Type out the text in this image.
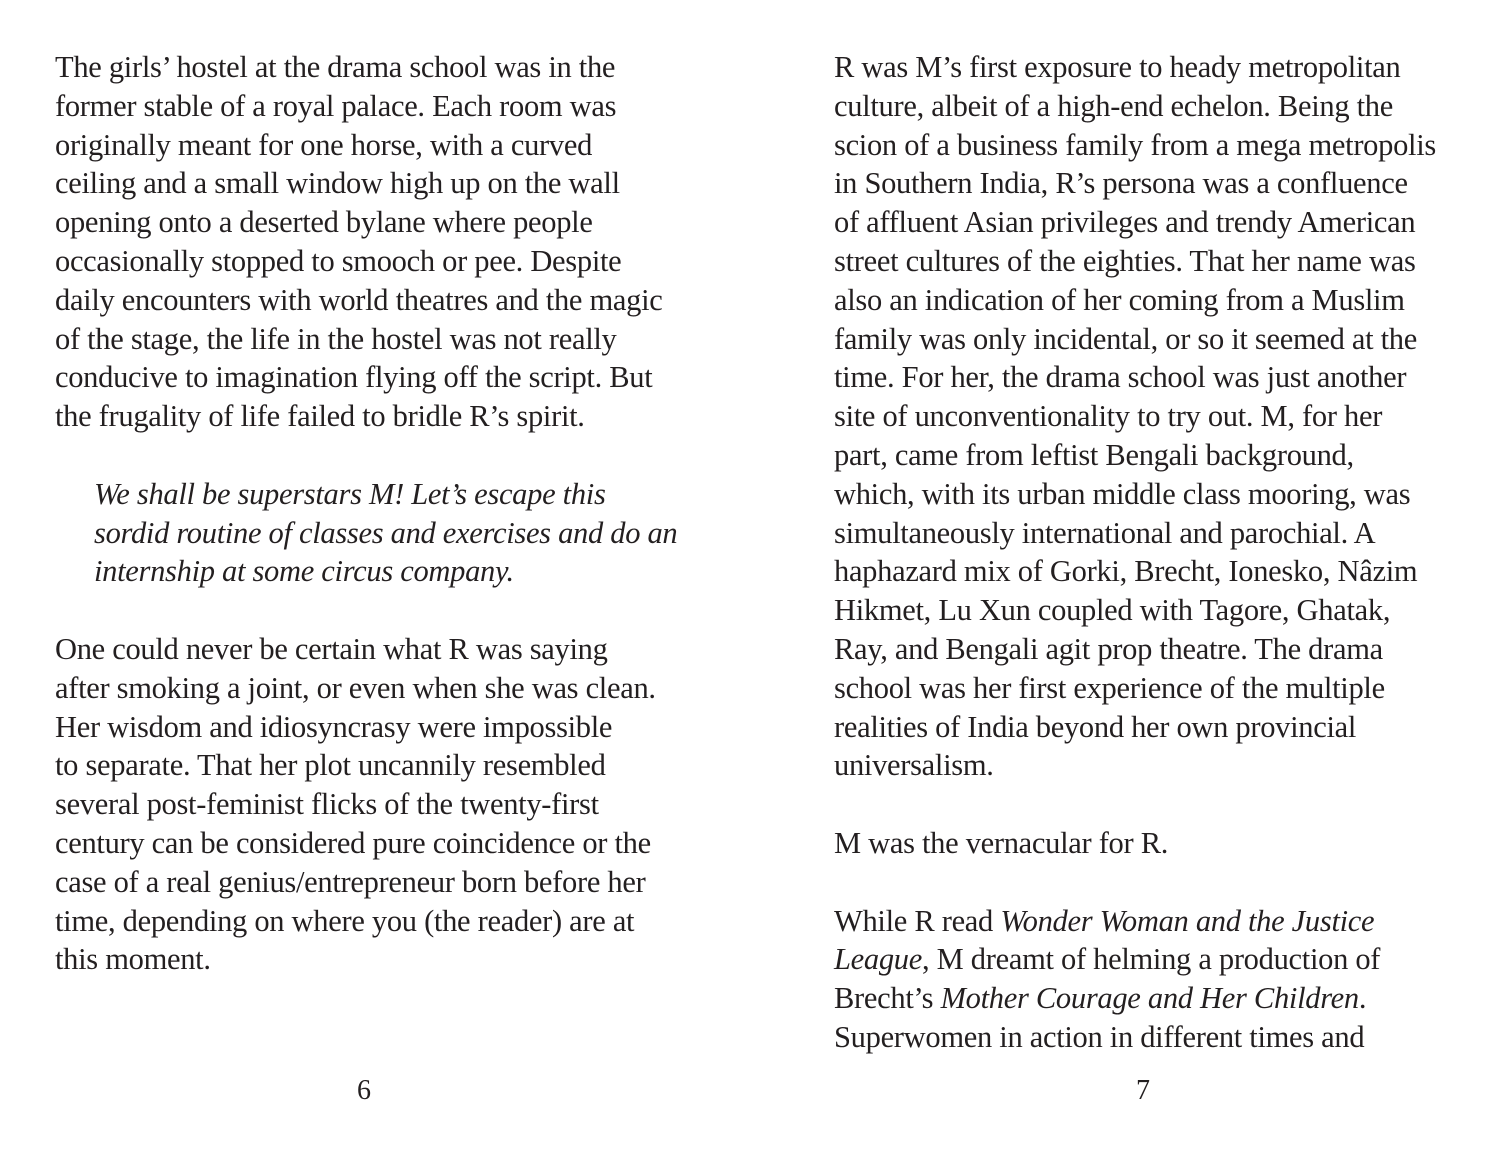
The girls’ hostel at the drama school was in the
former stable of a royal palace. Each room was
originally meant for one horse, with a curved
ceiling and a small window high up on the wall
opening onto a deserted bylane where people
occasionally stopped to smooch or pee. Despite
daily encounters with world theatres and the magic
of the stage, the life in the hostel was not really
conducive to imagination flying off the script. But
the frugality of life failed to bridle R’s spirit.
We shall be superstars M! Let’s escape this
sordid routine of classes and exercises and do an
internship at some circus company.
One could never be certain what R was saying
after smoking a joint, or even when she was clean.
Her wisdom and idiosyncrasy were impossible
to separate. That her plot uncannily resembled
several post-feminist flicks of the twenty-first
century can be considered pure coincidence or the
case of a real genius/entrepreneur born before her
time, depending on where you (the reader) are at
this moment.
R was M’s first exposure to heady metropolitan
culture, albeit of a high-end echelon. Being the
scion of a business family from a mega metropolis
in Southern India, R’s persona was a confluence
of affluent Asian privileges and trendy American
street cultures of the eighties. That her name was
also an indication of her coming from a Muslim
family was only incidental, or so it seemed at the
time. For her, the drama school was just another
site of unconventionality to try out. M, for her
part, came from leftist Bengali background,
which, with its urban middle class mooring, was
simultaneously international and parochial. A
haphazard mix of Gorki, Brecht, Ionesko, Nâzim
Hikmet, Lu Xun coupled with Tagore, Ghatak,
Ray, and Bengali agit prop theatre. The drama
school was her first experience of the multiple
realities of India beyond her own provincial
universalism.
M was the vernacular for R.
While R read Wonder Woman and the Justice
League, M dreamt of helming a production of
Brecht’s Mother Courage and Her Children.
Superwomen in action in different times and
6	7
